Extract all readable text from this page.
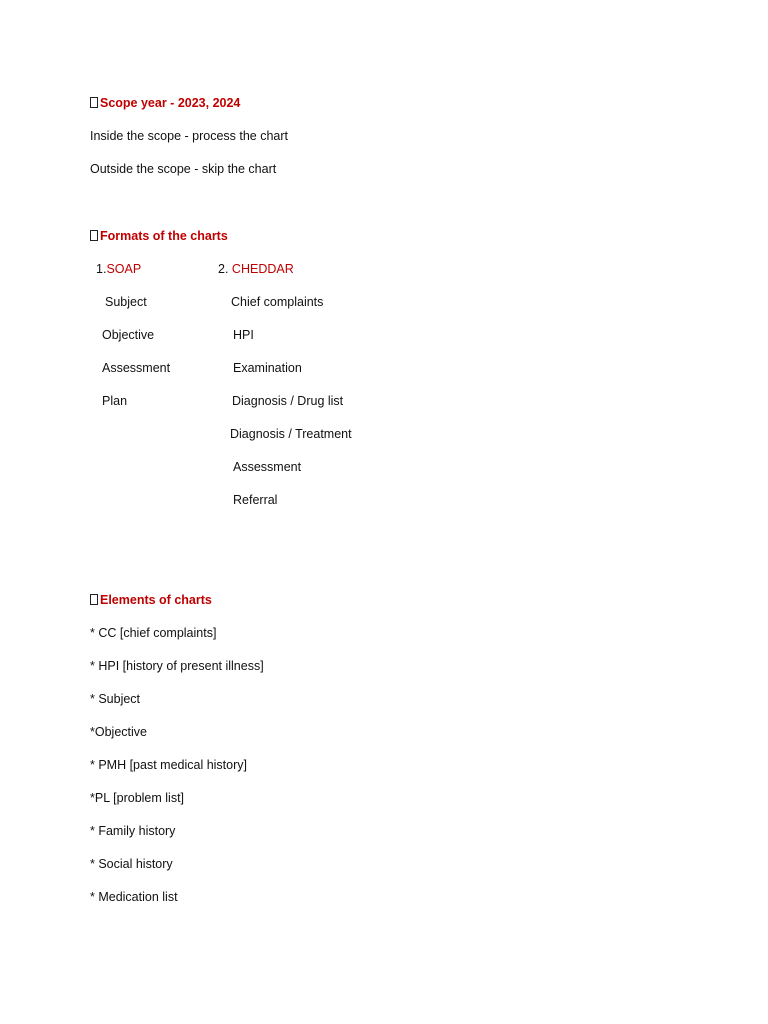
Scope year - 2023, 2024
Inside the scope - process the chart
Outside the scope - skip the chart
Formats of the charts
1.SOAP	2. CHEDDAR
Subject
Objective
Assessment
Plan
Chief complaints
HPI
Examination
Diagnosis / Drug list
Diagnosis / Treatment
Assessment
Referral
Elements of charts
* CC [chief complaints]
* HPI [history of present illness]
* Subject
*Objective
* PMH [past medical history]
*PL [problem list]
* Family history
* Social history
* Medication list
